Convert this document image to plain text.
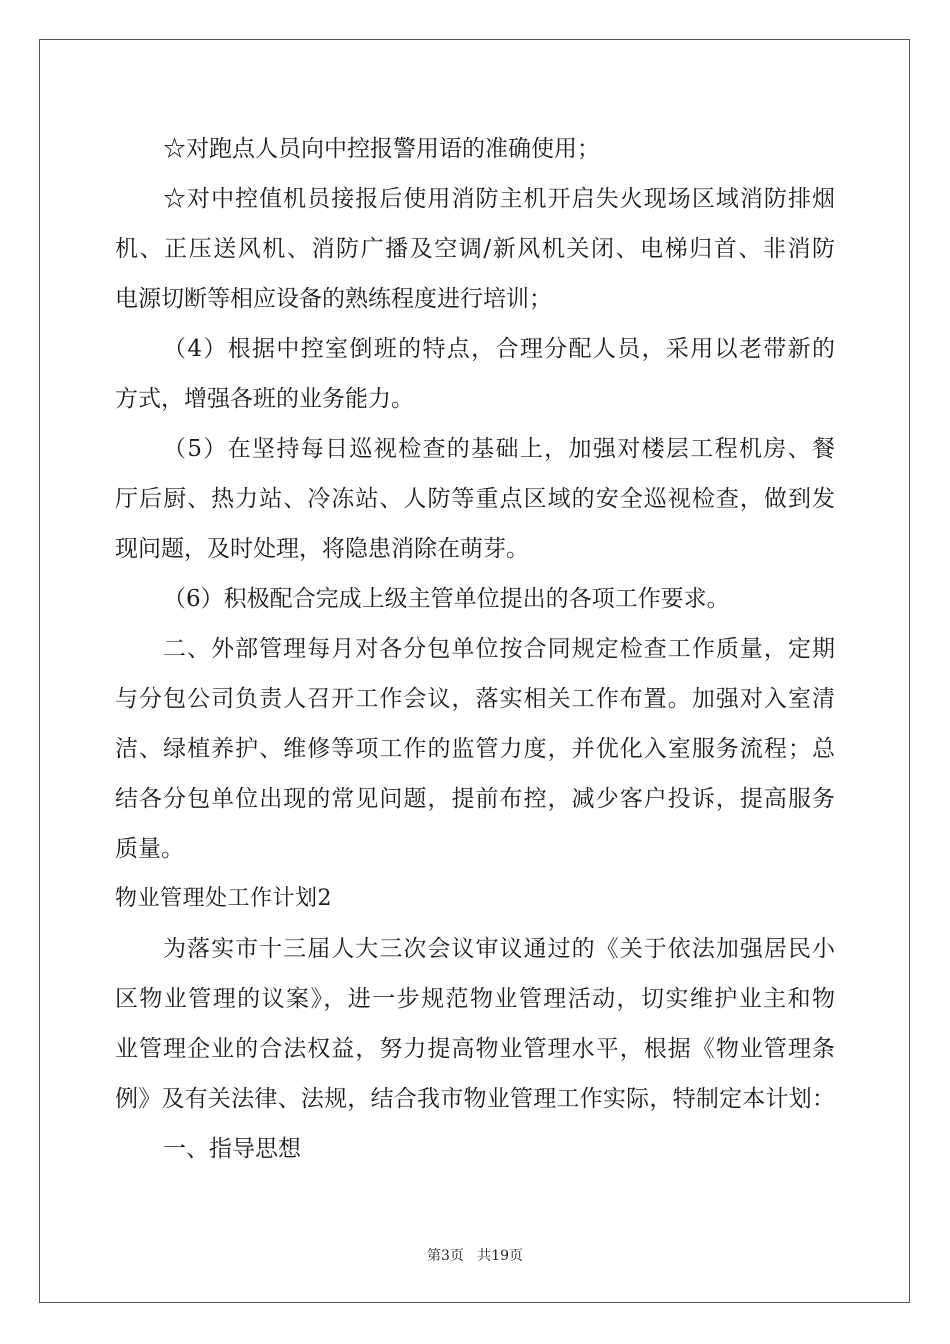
☆对跑点人员向中控报警用语的准确使用；
☆对中控值机员接报后使用消防主机开启失火现场区域消防排烟
机、正压送风机、消防广播及空调/新风机关闭、电梯归首、非消防
电源切断等相应设备的熟练程度进行培训；
（4）根据中控室倒班的特点，合理分配人员，采用以老带新的
方式，增强各班的业务能力。
（5）在坚持每日巡视检查的基础上，加强对楼层工程机房、餐
厅后厨、热力站、冷冻站、人防等重点区域的安全巡视检查，做到发
现问题，及时处理，将隐患消除在萌芽。
（6）积极配合完成上级主管单位提出的各项工作要求。
二、外部管理每月对各分包单位按合同规定检查工作质量，定期
与分包公司负责人召开工作会议，落实相关工作布置。加强对入室清
洁、绿植养护、维修等项工作的监管力度，并优化入室服务流程；总
结各分包单位出现的常见问题，提前布控，减少客户投诉，提高服务
质量。
物业管理处工作计划2
为落实市十三届人大三次会议审议通过的《关于依法加强居民小
区物业管理的议案》，进一步规范物业管理活动，切实维护业主和物
业管理企业的合法权益，努力提高物业管理水平，根据《物业管理条
例》及有关法律、法规，结合我市物业管理工作实际，特制定本计划：
一、指导思想
第3页   共19页
